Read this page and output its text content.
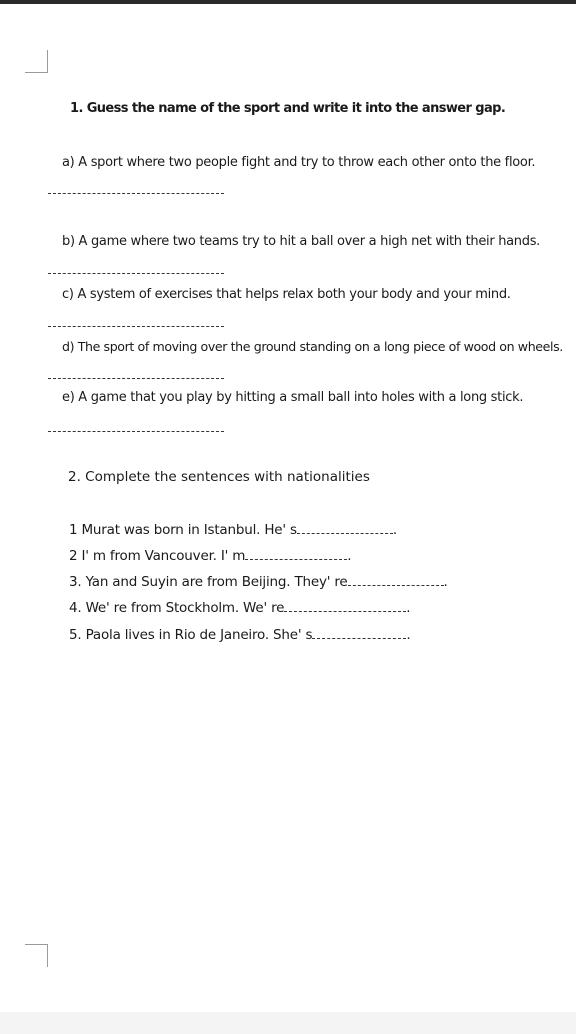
1. Guess the name of the sport and write it into the answer gap.
a) A sport where two people fight and try to throw each other onto the floor.
b) A game where two teams try to hit a ball over a high net with their hands.
c) A system of exercises that helps relax both your body and your mind.
d) The sport of moving over the ground standing on a long piece of wood on wheels.
e) A game that you play by hitting a small ball into holes with a long stick.
2. Complete the sentences with nationalities
1 Murat was born in Istanbul. He' s	.
2 I' m from Vancouver. I' m	.
3. Yan and Suyin are from Beijing. They' re	.
4. We' re from Stockholm. We' re	.
5. Paola lives in Rio de Janeiro. She' s	.
